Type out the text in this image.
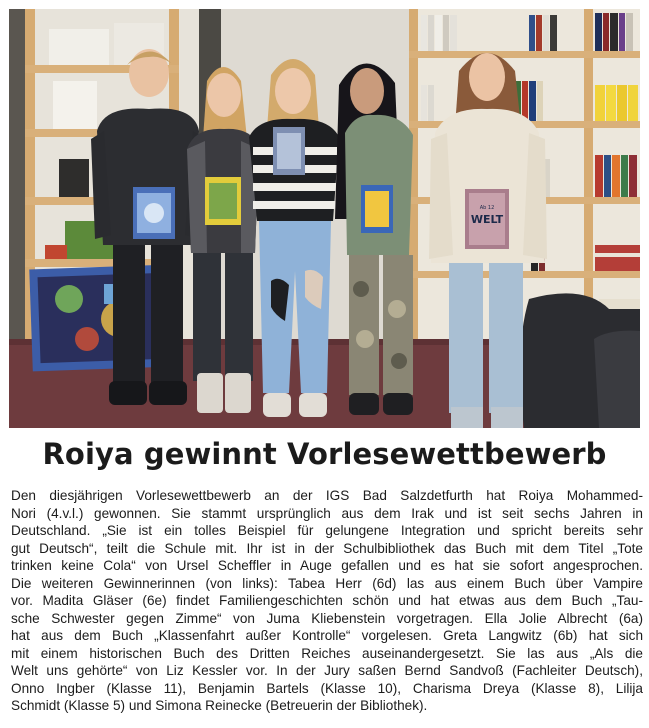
Ab 12
WELT
Roiya gewinnt Vorlesewettbewerb
Den diesjährigen Vorlesewettbewerb an der IGS Bad Salzdetfurth hat Roiya Mohammed-
Nori (4.v.l.) gewonnen. Sie stammt ursprünglich aus dem Irak und ist seit sechs Jahren in
Deutschland. „Sie ist ein tolles Beispiel für gelungene Integration und spricht bereits sehr
gut Deutsch“, teilt die Schule mit. Ihr ist in der Schulbibliothek das Buch mit dem Titel „Tote
trinken keine Cola“ von Ursel Scheffler in Auge gefallen und es hat sie sofort angesprochen.
Die weiteren Gewinnerinnen (von links): Tabea Herr (6d) las aus einem Buch über Vampire
vor. Madita Gläser (6e) findet Familiengeschichten schön und hat etwas aus dem Buch „Tau-
sche Schwester gegen Zimme“ von Juma Kliebenstein vorgetragen. Ella Jolie Albrecht (6a)
hat aus dem Buch „Klassenfahrt außer Kontrolle“ vorgelesen. Greta Langwitz (6b) hat sich
mit einem historischen Buch des Dritten Reiches auseinandergesetzt. Sie las aus „Als die
Welt uns gehörte“ von Liz Kessler vor. In der Jury saßen Bernd Sandvoß (Fachleiter Deutsch),
Onno Ingber (Klasse 11), Benjamin Bartels (Klasse 10), Charisma Dreya (Klasse 8), Lilija
Schmidt (Klasse 5) und Simona Reinecke (Betreuerin der Bibliothek).
